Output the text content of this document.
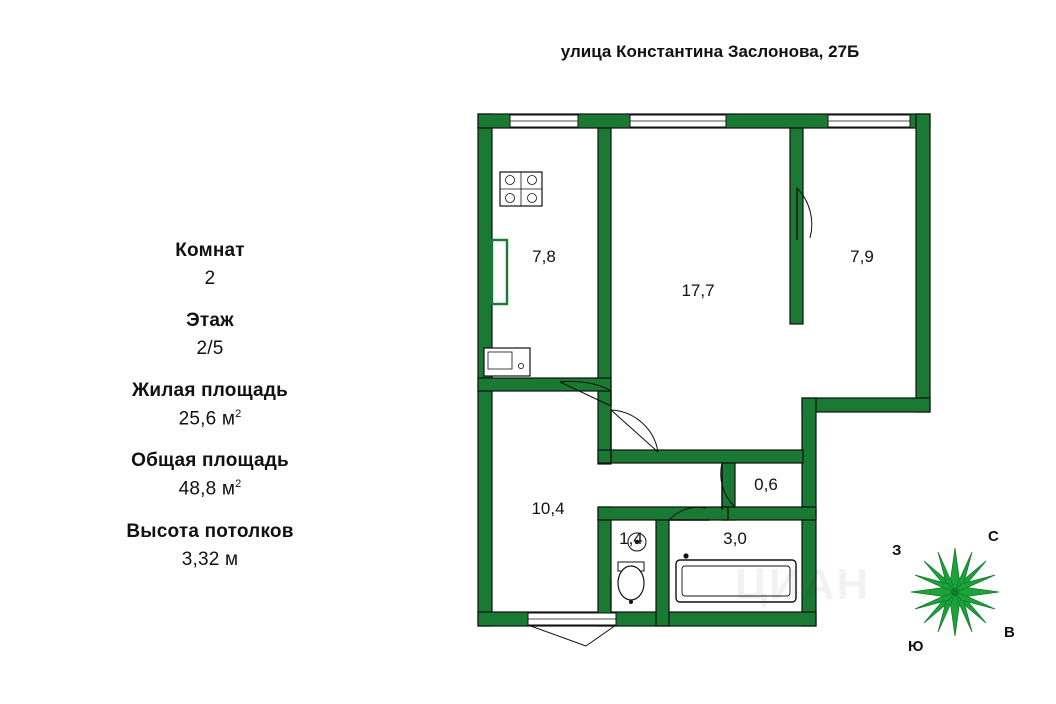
улица Константина Заслонова, 27Б
Комнат
2
Этаж
2/5
Жилая площадь
25,6 $м^2$
Общая площадь
48,8 $м^2$
Высота потолков
3,32 м
7,8
17,7
7,9
10,4
0,6
1,4	3,0	С
Ю
З
В
